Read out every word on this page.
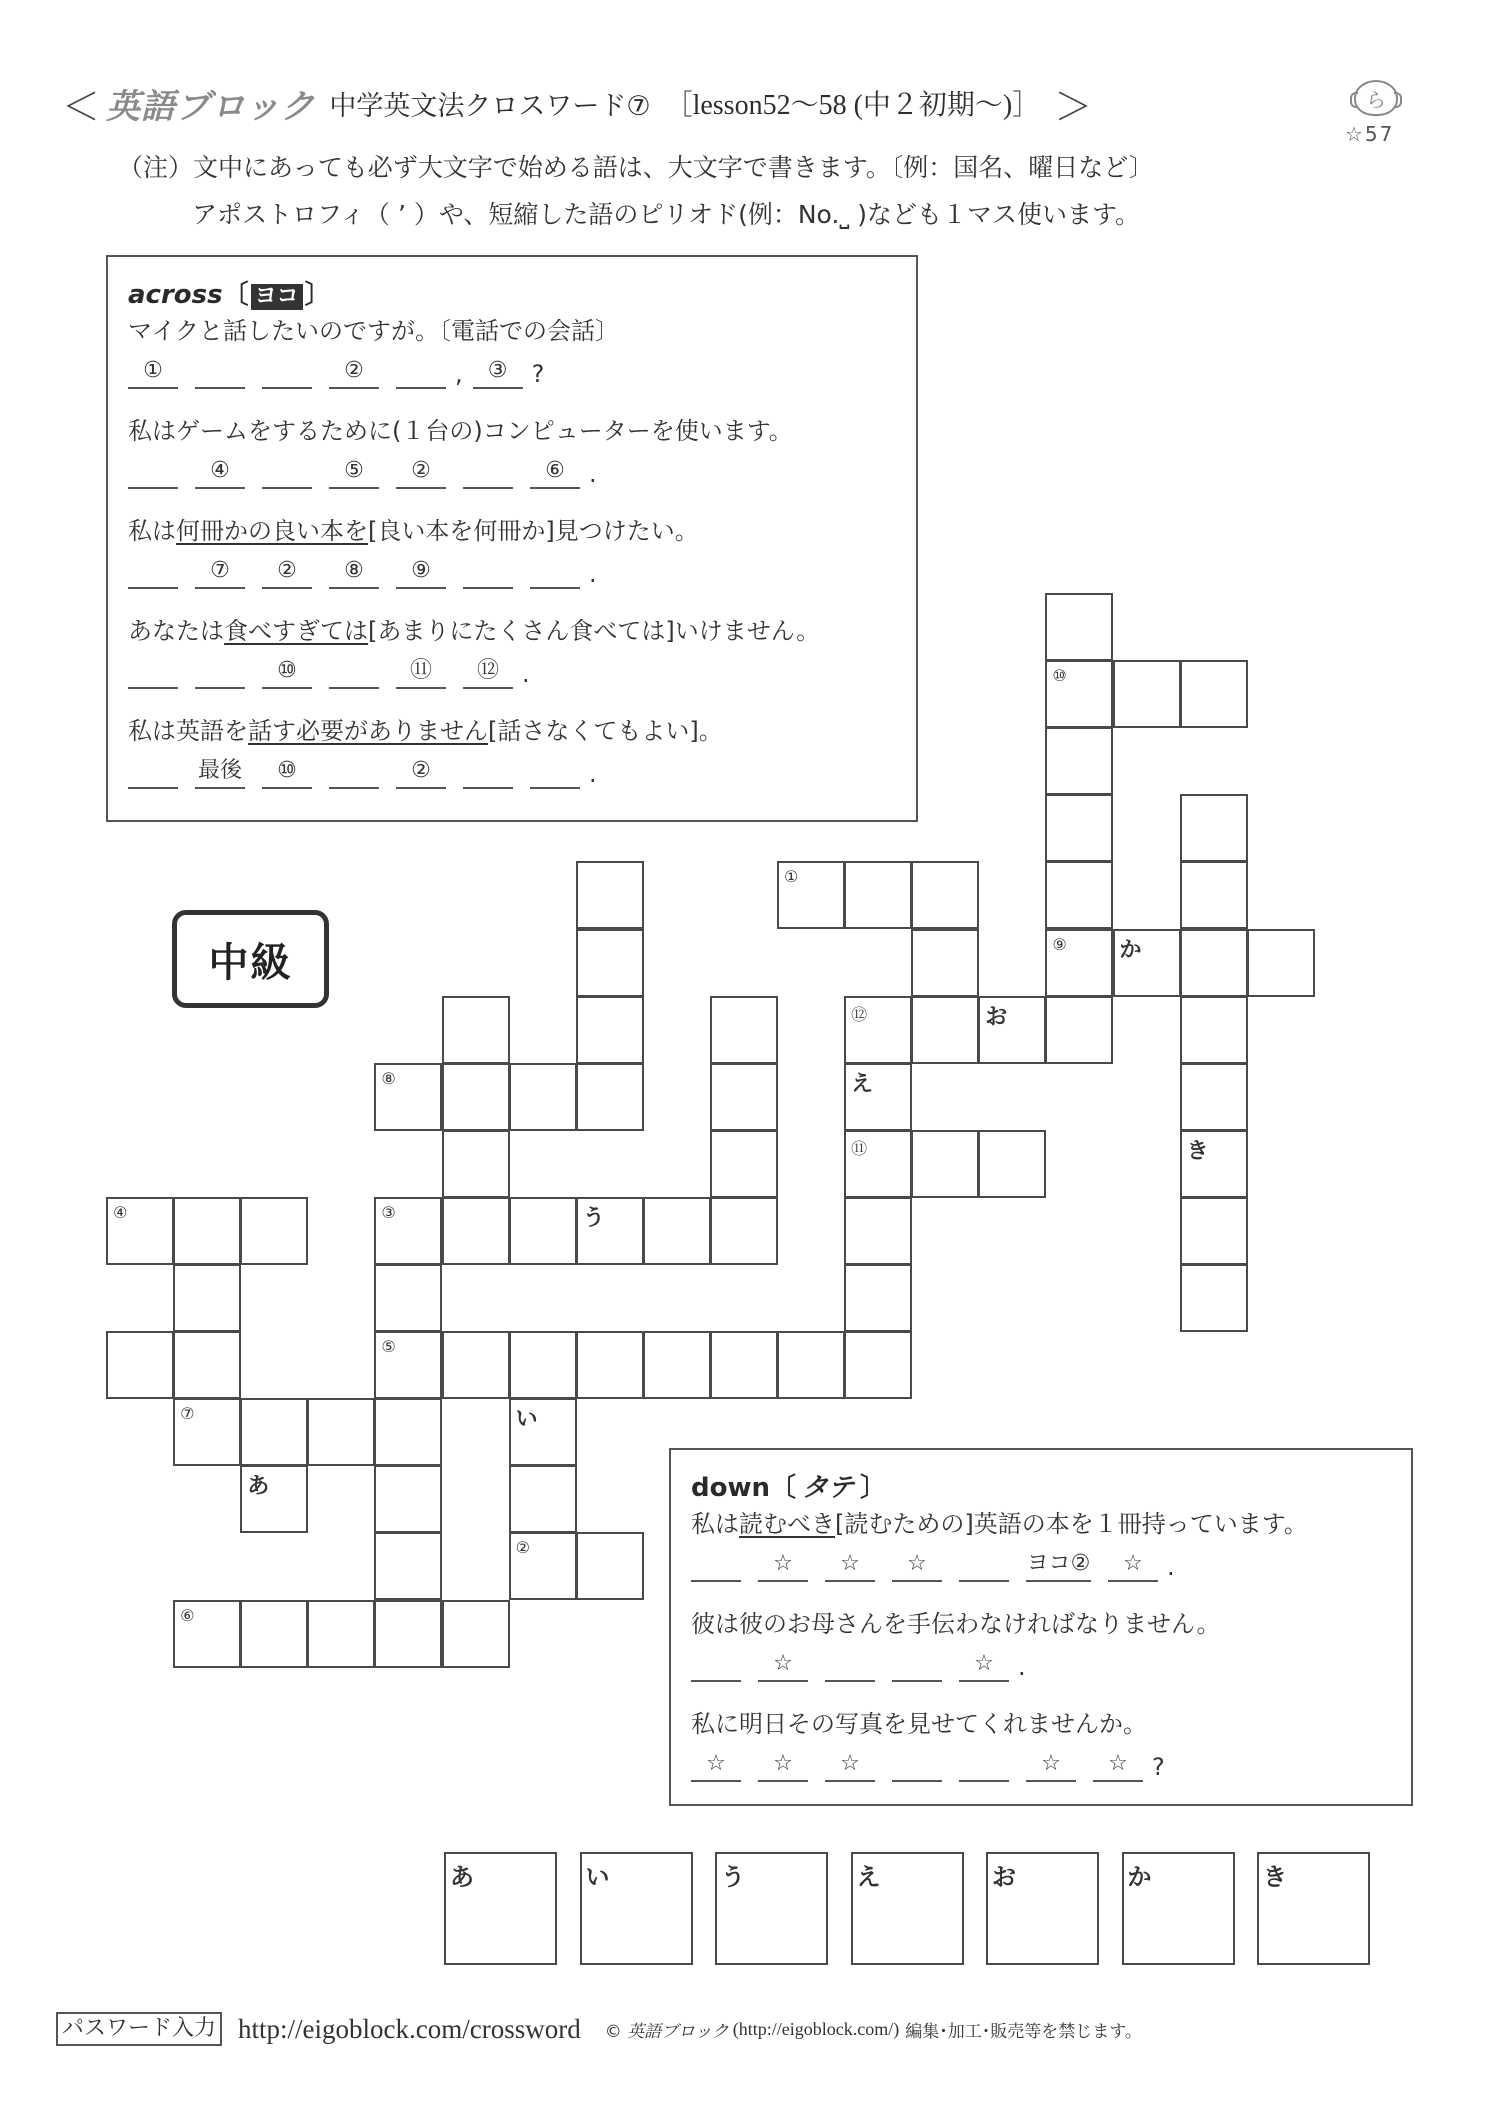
＜ 英語ブロック 中学英文法クロスワード⑦ ［lesson52〜58 (中２初期〜)］ ＞	ら
☆57
（注）文中にあっても必ず大文字で始める語は、大文字で書きます。〔例：国名、曜日など〕
アポストロフィ（ ’ ）や、短縮した語のピリオド(例：No.⎵ )なども１マス使います。
across〔 ヨコ 〕
マイクと話したいのですが。〔電話での会話〕
①	②	,	③	?
私はゲームをするために(１台の)コンピューターを使います。
④	⑤	②	⑥	.
私は何冊かの良い本を[良い本を何冊か]見つけたい。
⑦	②	⑧	⑨	.
あなたは食べすぎては[あまりにたくさん食べては]いけません。
⑩	⑪	⑫ .
私は英語を話す必要がありません[話さなくてもよい]。
最後	⑩	②	.
⑩
①
⑨ か
⑫	お
⑧	え
⑪	き
④	③	う
⑤
⑦	い
あ
②
⑥
中級
down〔 タテ 〕
私は読むべき[読むための]英語の本を１冊持っています。
☆	☆	☆	ヨコ②	☆	.
彼は彼のお母さんを手伝わなければなりません。
☆	☆	.
私に明日その写真を見せてくれませんか。
☆	☆	☆	☆	☆	?
あ	い	う	え	お	か	き
パスワード入力 http://eigoblock.com/crossword © 英語ブロック (http://eigoblock.com/) 編集･加工･販売等を禁じます。
